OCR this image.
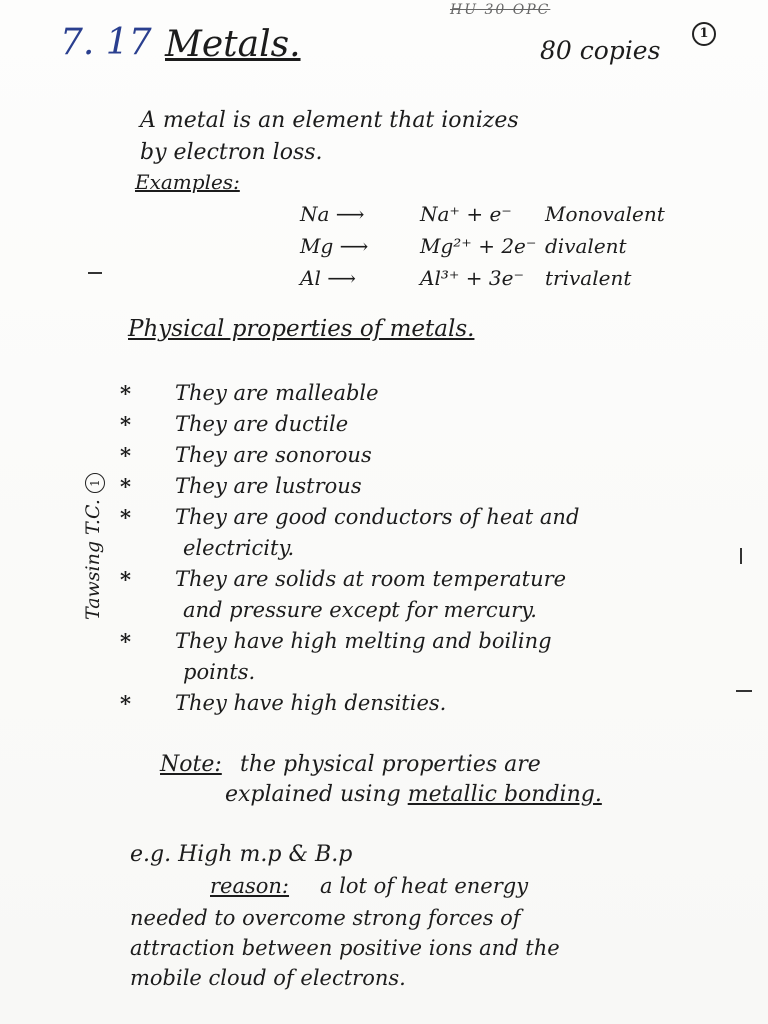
HU 30 OPC
7. 17 Metals.	80 copies
1
A metal is an element that ionizes
by electron loss.
Examples:
Na ⟶	Na⁺ + e⁻	Monovalent
Mg ⟶	Mg²⁺ + 2e⁻ divalent
Al ⟶	Al³⁺ + 3e⁻	trivalent
Physical properties of metals.
* They are malleable
* They are ductile
* They are sonorous
* They are lustrous
* They are good conductors of heat and
electricity.
* They are solids at room temperature
and pressure except for mercury.
* They have high melting and boiling
points.
* They have high densities.
Tawsing T.C. 1
Note: the physical properties are
explained using metallic bonding.
e.g. High m.p & B.p
reason: a lot of heat energy
needed to overcome strong forces of
attraction between positive ions and the
mobile cloud of electrons.
